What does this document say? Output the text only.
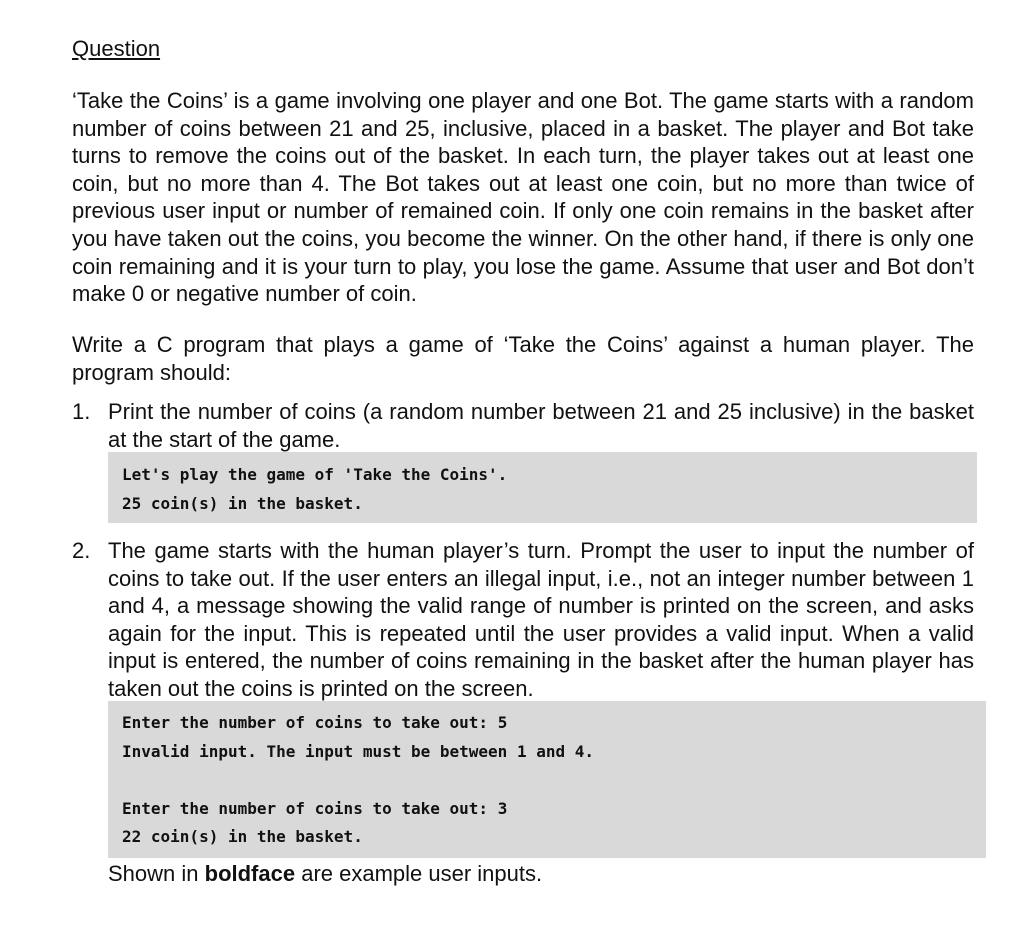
Question
‘Take the Coins’ is a game involving one player and one Bot. The game starts with a random number of coins between 21 and 25, inclusive, placed in a basket. The player and Bot take turns to remove the coins out of the basket. In each turn, the player takes out at least one coin, but no more than 4. The Bot takes out at least one coin, but no more than twice of previous user input or number of remained coin. If only one coin remains in the basket after you have taken out the coins, you become the winner. On the other hand, if there is only one coin remaining and it is your turn to play, you lose the game. Assume that user and Bot don’t make 0 or negative number of coin.
Write a C program that plays a game of ‘Take the Coins’ against a human player. The program should:
1. Print the number of coins (a random number between 21 and 25 inclusive) in the basket at the start of the game.
Let's play the game of 'Take the Coins'.
25 coin(s) in the basket.
2. The game starts with the human player’s turn. Prompt the user to input the number of coins to take out. If the user enters an illegal input, i.e., not an integer number between 1 and 4, a message showing the valid range of number is printed on the screen, and asks again for the input. This is repeated until the user provides a valid input. When a valid input is entered, the number of coins remaining in the basket after the human player has taken out the coins is printed on the screen.
Enter the number of coins to take out: 5
Invalid input. The input must be between 1 and 4.
Enter the number of coins to take out: 3
22 coin(s) in the basket.
Shown in boldface are example user inputs.
